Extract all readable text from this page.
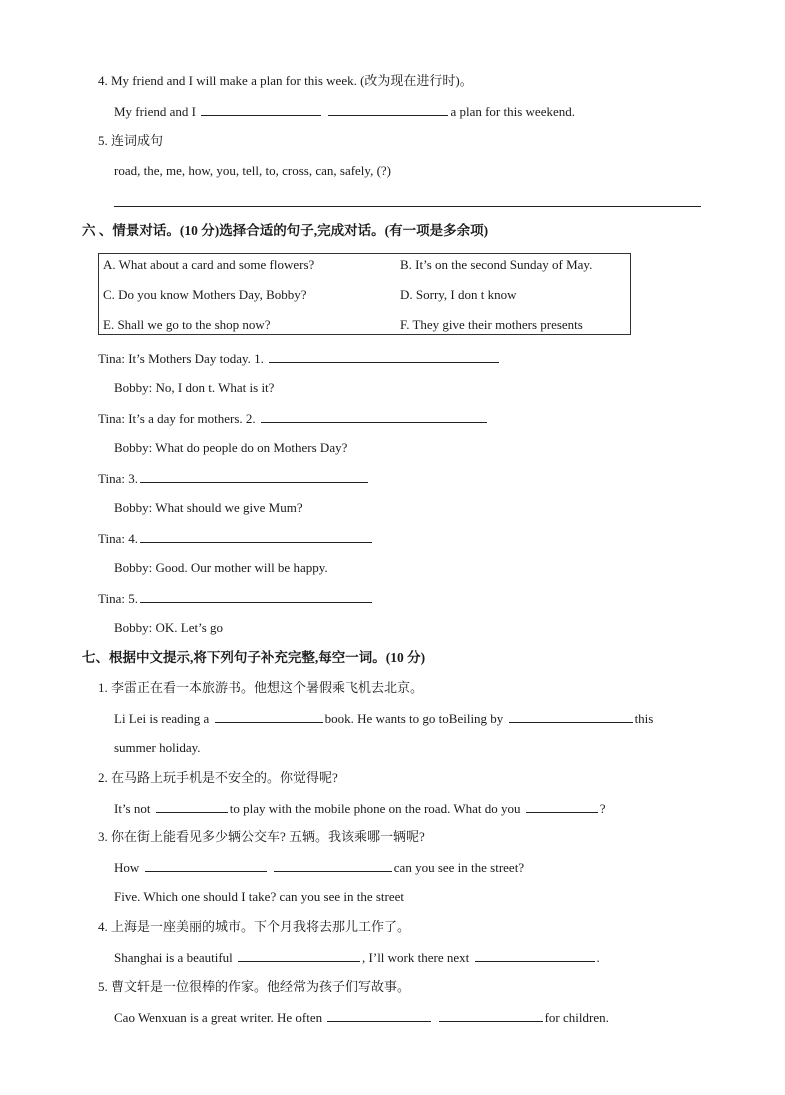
4. My friend and I will make a plan for this week. (改为现在进行时)。
My friend and I	a plan for this weekend.
5. 连词成句
road, the, me, how, you, tell, to, cross, can, safely, (?)
六 、情景对话。(10 分)选择合适的句子,完成对话。(有一项是多余项)
A. What about a card and some flowers?	B. It’s on the second Sunday of May.
C. Do you know Mothers Day, Bobby?	D. Sorry, I don t know
E. Shall we go to the shop now?	F. They give their mothers presents
Tina: It’s Mothers Day today. 1.
Bobby: No, I don t. What is it?
Tina: It’s a day for mothers. 2.
Bobby: What do people do on Mothers Day?
Tina: 3.
Bobby: What should we give Mum?
Tina: 4.
Bobby: Good. Our mother will be happy.
Tina: 5.
Bobby: OK. Let’s go
七、根据中文提示,将下列句子补充完整,每空一词。(10 分)
1. 李雷正在看一本旅游书。他想这个暑假乘飞机去北京。
Li Lei is reading a	book. He wants to go toBeiling by	this
summer holiday.
2. 在马路上玩手机是不安全的。你觉得呢?
It’s not	to play with the mobile phone on the road. What do you	?
3. 你在街上能看见多少辆公交车? 五辆。我该乘哪一辆呢?
How	can you see in the street?
Five. Which one should I take? can you see in the street
4. 上海是一座美丽的城市。下个月我将去那儿工作了。
Shanghai is a beautiful	, I’ll work there next	.
5. 曹文轩是一位很棒的作家。他经常为孩子们写故事。
Cao Wenxuan is a great writer. He often	for children.
